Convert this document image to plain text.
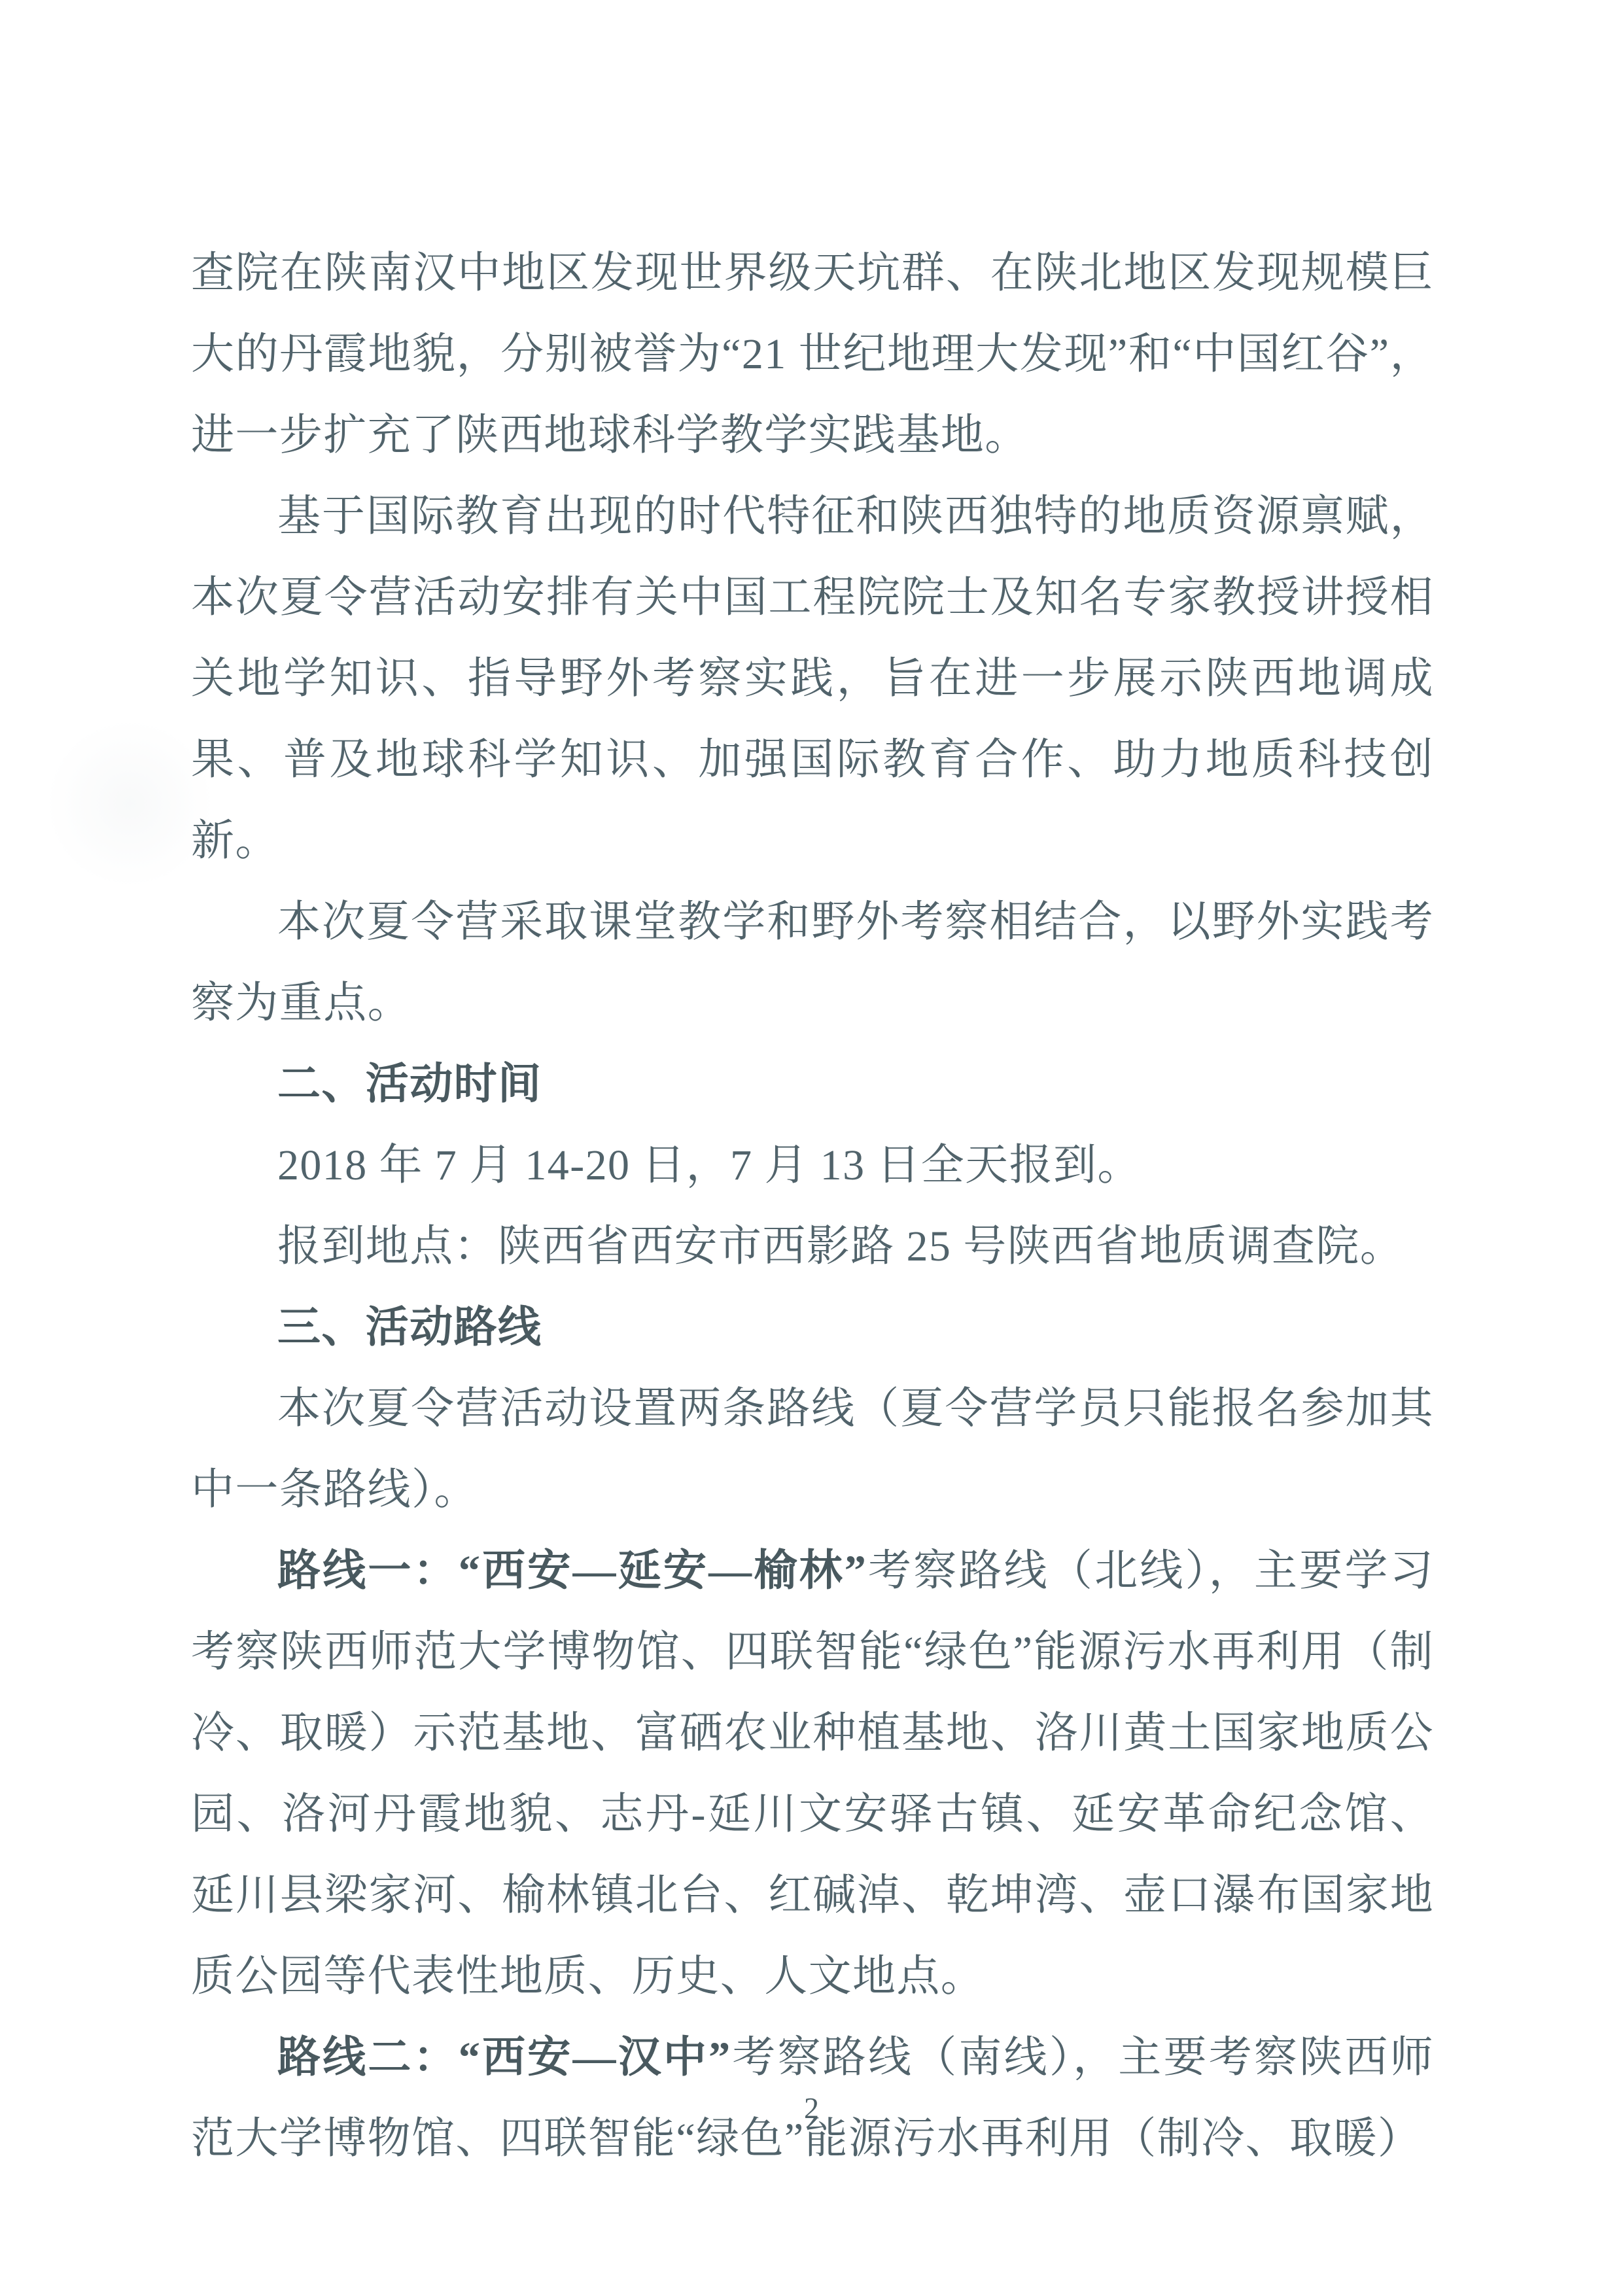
查院在陕南汉中地区发现世界级天坑群、在陕北地区发现规模巨大的丹霞地貌，分别被誉为“21 世纪地理大发现”和“中国红谷”，进一步扩充了陕西地球科学教学实践基地。

基于国际教育出现的时代特征和陕西独特的地质资源禀赋，本次夏令营活动安排有关中国工程院院士及知名专家教授讲授相关地学知识、指导野外考察实践，旨在进一步展示陕西地调成果、普及地球科学知识、加强国际教育合作、助力地质科技创新。

本次夏令营采取课堂教学和野外考察相结合，以野外实践考察为重点。

二、活动时间

2018 年 7 月 14-20 日，7 月 13 日全天报到。

报到地点：陕西省西安市西影路 25 号陕西省地质调查院。

三、活动路线

本次夏令营活动设置两条路线（夏令营学员只能报名参加其中一条路线）。

路线一：“西安—延安—榆林”考察路线（北线），主要学习考察陕西师范大学博物馆、四联智能“绿色”能源污水再利用（制冷、取暖）示范基地、富硒农业种植基地、洛川黄土国家地质公园、洛河丹霞地貌、志丹-延川文安驿古镇、延安革命纪念馆、延川县梁家河、榆林镇北台、红碱淖、乾坤湾、壶口瀑布国家地质公园等代表性地质、历史、人文地点。

路线二：“西安—汉中”考察路线（南线），主要考察陕西师范大学博物馆、四联智能“绿色”能源污水再利用（制冷、取暖）

2
